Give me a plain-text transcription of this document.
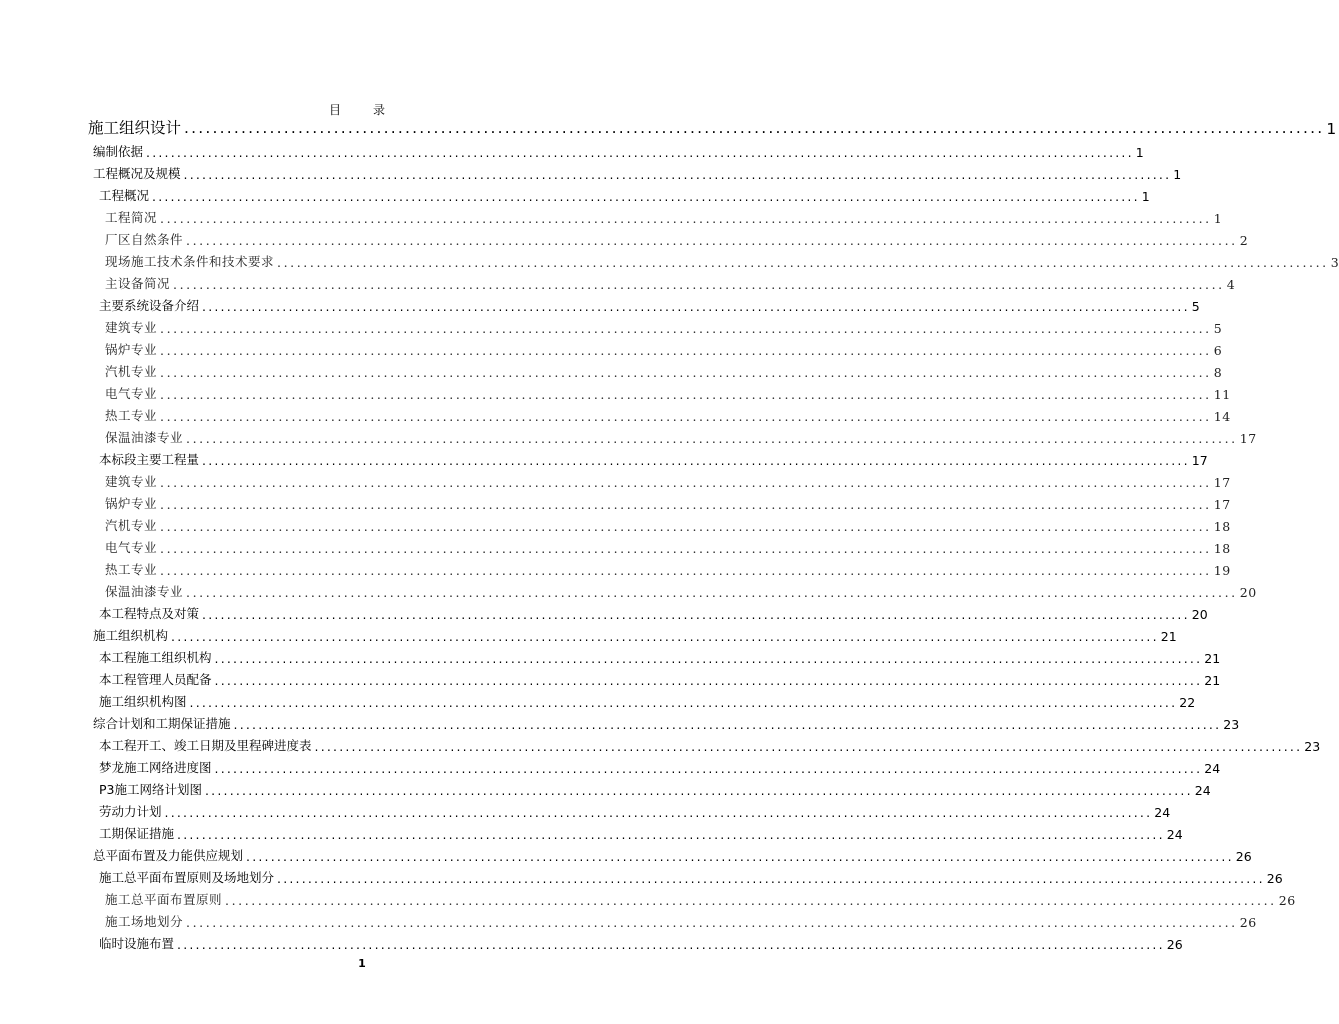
目　录
施工组织设计 ................................................................................................................................................................ 1
编制依据 ................................................................................................................................................................ 1
工程概况及规模 ................................................................................................................................................................ 1
工程概况 ................................................................................................................................................................ 1
工程简况 ................................................................................................................................................................ 1
厂区自然条件 ................................................................................................................................................................ 2
现场施工技术条件和技术要求 ................................................................................................................................................................ 3
主设备简况 ................................................................................................................................................................ 4
主要系统设备介绍 ................................................................................................................................................................ 5
建筑专业 ................................................................................................................................................................ 5
锅炉专业 ................................................................................................................................................................ 6
汽机专业 ................................................................................................................................................................ 8
电气专业 ................................................................................................................................................................ 11
热工专业 ................................................................................................................................................................ 14
保温油漆专业 ................................................................................................................................................................ 17
本标段主要工程量 ................................................................................................................................................................ 17
建筑专业 ................................................................................................................................................................ 17
锅炉专业 ................................................................................................................................................................ 17
汽机专业 ................................................................................................................................................................ 18
电气专业 ................................................................................................................................................................ 18
热工专业 ................................................................................................................................................................ 19
保温油漆专业 ................................................................................................................................................................ 20
本工程特点及对策 ................................................................................................................................................................ 20
施工组织机构 ................................................................................................................................................................ 21
本工程施工组织机构 ................................................................................................................................................................ 21
本工程管理人员配备 ................................................................................................................................................................ 21
施工组织机构图 ................................................................................................................................................................ 22
综合计划和工期保证措施 ................................................................................................................................................................ 23
本工程开工、竣工日期及里程碑进度表 ................................................................................................................................................................ 23
梦龙施工网络进度图 ................................................................................................................................................................ 24
P3施工网络计划图 ................................................................................................................................................................ 24
劳动力计划 ................................................................................................................................................................ 24
工期保证措施 ................................................................................................................................................................ 24
总平面布置及力能供应规划 ................................................................................................................................................................ 26
施工总平面布置原则及场地划分 ................................................................................................................................................................ 26
施工总平面布置原则 ................................................................................................................................................................ 26
施工场地划分 ................................................................................................................................................................ 26
临时设施布置 ................................................................................................................................................................ 26
1
